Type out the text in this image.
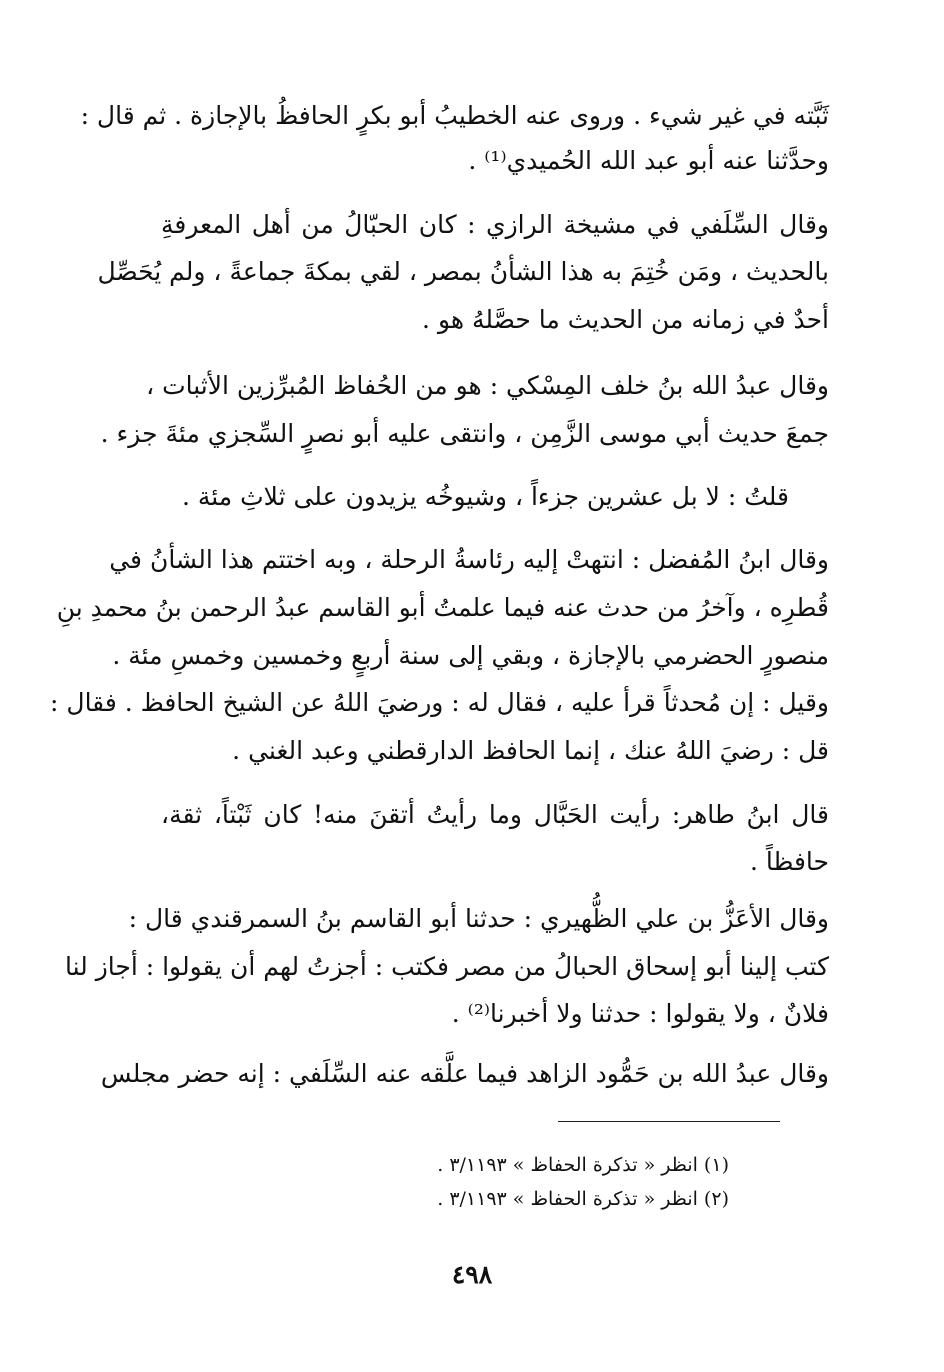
ثَبَّته في غير شيء . وروى عنه الخطيبُ أبو بكرٍ الحافظُ بالإجازة . ثم قال :
وحدَّثنا عنه أبو عبد الله الحُميدي⁽¹⁾ .
وقال السِّلَفي في مشيخة الرازي : كان الحبّالُ من أهل المعرفةِ
بالحديث ، ومَن خُتِمَ به هذا الشأنُ بمصر ، لقي بمكةَ جماعةً ، ولم يُحَصِّل
أحدٌ في زمانه من الحديث ما حصَّلهُ هو .
وقال عبدُ الله بنُ خلف المِسْكي : هو من الحُفاظ المُبرِّزين الأثبات ،
جمعَ حديث أبي موسى الزَّمِن ، وانتقى عليه أبو نصرٍ السِّجزي مئةَ جزء .
قلتُ : لا بل عشرين جزءاً ، وشيوخُه يزيدون على ثلاثِ مئة .
وقال ابنُ المُفضل : انتهتْ إليه رئاسةُ الرحلة ، وبه اختتم هذا الشأنُ في
قُطرِه ، وآخرُ من حدث عنه فيما علمتُ أبو القاسم عبدُ الرحمن بنُ محمدِ بنِ
منصورٍ الحضرمي بالإجازة ، وبقي إلى سنة أربعٍ وخمسين وخمسِ مئة .
وقيل : إن مُحدثاً قرأ عليه ، فقال له : ورضيَ اللهُ عن الشيخ الحافظ . فقال :
قل : رضيَ اللهُ عنك ، إنما الحافظ الدارقطني وعبد الغني .
قال ابنُ طاهر: رأيت الحَبَّال وما رأيتُ أتقنَ منه! كان ثَبْتاً، ثقة،
حافظاً .
وقال الأعَزُّ بن علي الظُّهيري : حدثنا أبو القاسم بنُ السمرقندي قال :
كتب إلينا أبو إسحاق الحبالُ من مصر فكتب : أجزتُ لهم أن يقولوا : أجاز لنا
فلانٌ ، ولا يقولوا : حدثنا ولا أخبرنا⁽²⁾ .
وقال عبدُ الله بن حَمُّود الزاهد فيما علَّقه عنه السِّلَفي : إنه حضر مجلس
(١) انظر « تذكرة الحفاظ » ٣/١١٩٣ .
(٢) انظر « تذكرة الحفاظ » ٣/١١٩٣ .
٤٩٨
